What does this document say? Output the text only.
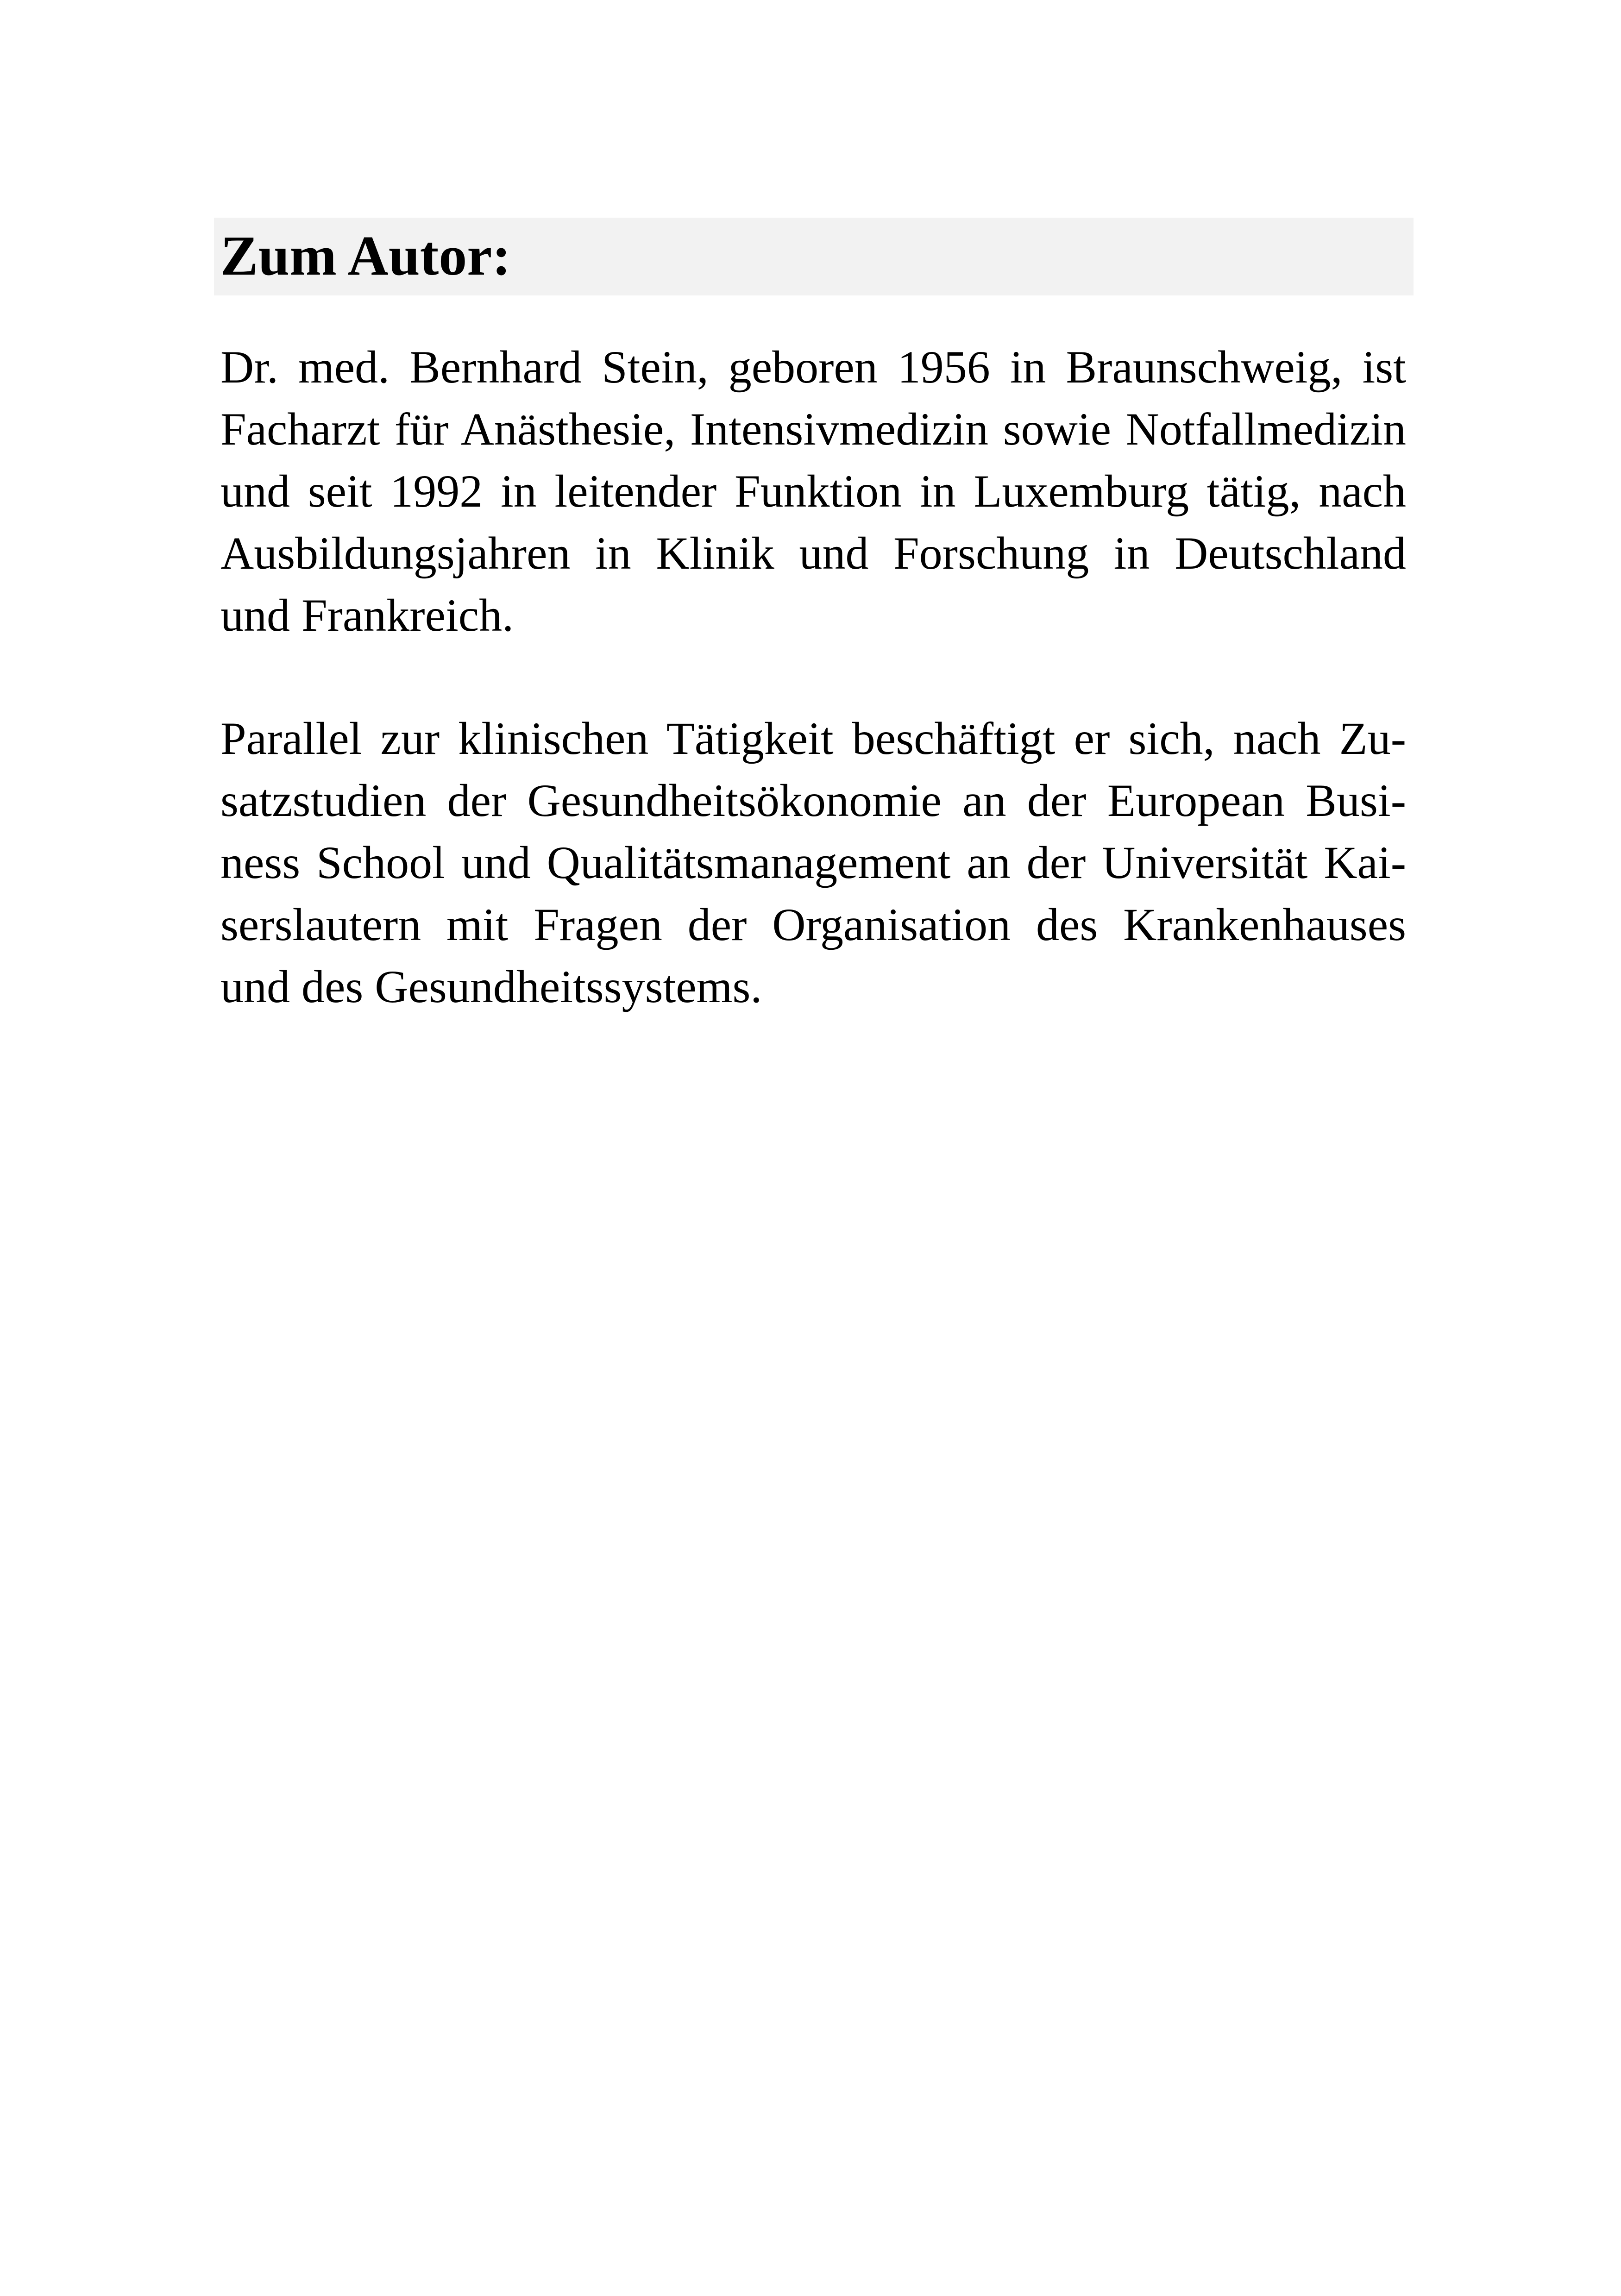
Zum Autor:

Dr. med. Bernhard Stein, geboren 1956 in Braunschweig, ist
Facharzt für Anästhesie, Intensivmedizin sowie Notfallmedizin
und seit 1992 in leitender Funktion in Luxemburg tätig, nach
Ausbildungsjahren in Klinik und Forschung in Deutschland
und Frankreich.

Parallel zur klinischen Tätigkeit beschäftigt er sich, nach Zu-
satzstudien der Gesundheitsökonomie an der European Busi-
ness School und Qualitätsmanagement an der Universität Kai-
serslautern mit Fragen der Organisation des Krankenhauses
und des Gesundheitssystems.
